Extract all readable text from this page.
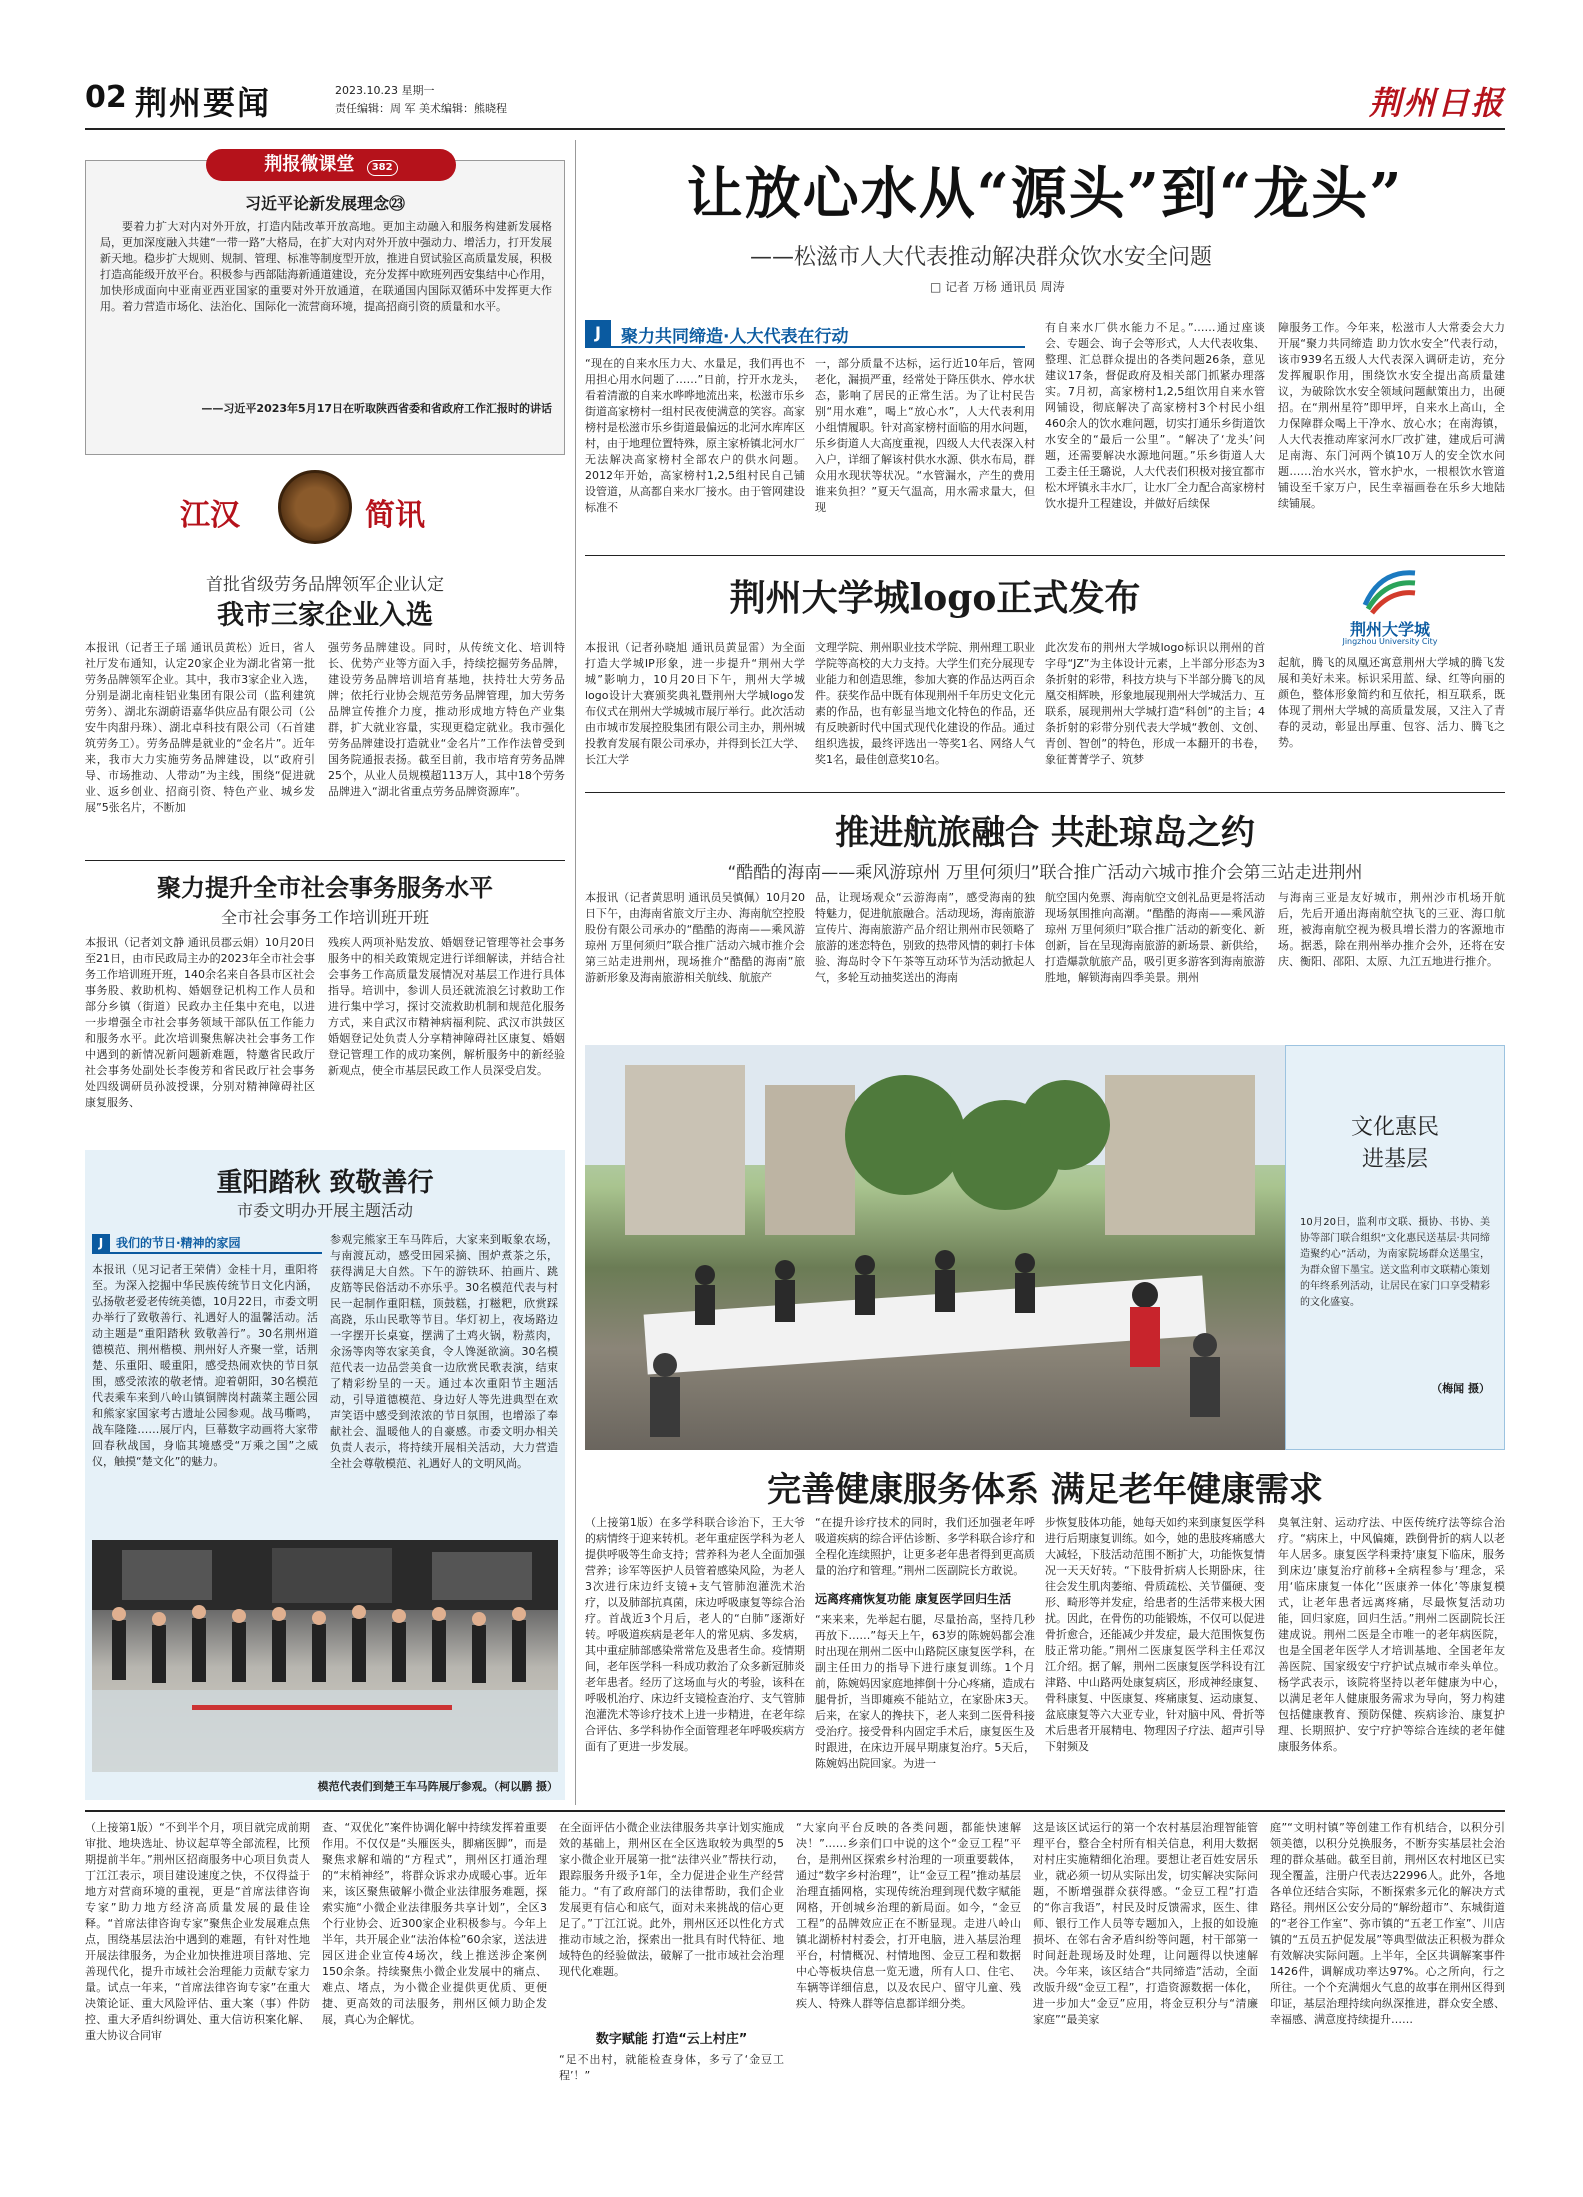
02 荆州要闻	2023.10.23 星期一
责任编辑：周 军 美术编辑：熊晓程	荆州日报
荆报微课堂 382
习近平论新发展理念㉓
要着力扩大对内对外开放，打造内陆改革开放高地。更加主动融入和服务构建新发展格局，更加深度融入共建“一带一路”大格局，在扩大对内对外开放中强动力、增活力，打开发展新天地。稳步扩大规则、规制、管理、标准等制度型开放，推进自贸试验区高质量发展，积极打造高能级开放平台。积极参与西部陆海新通道建设，充分发挥中欧班列西安集结中心作用，加快形成面向中亚南亚西亚国家的重要对外开放通道，在联通国内国际双循环中发挥更大作用。着力营造市场化、法治化、国际化一流营商环境，提高招商引资的质量和水平。
——习近平2023年5月17日在听取陕西省委和省政府工作汇报时的讲话
江汉	简讯
首批省级劳务品牌领军企业认定
我市三家企业入选
本报讯（记者王子瑶 通讯员黄松）近日，省人社厅发布通知，认定20家企业为湖北省第一批劳务品牌领军企业。其中，我市3家企业入选，分别是湖北南桂铝业集团有限公司（监利建筑劳务）、湖北东湖蔚语嘉华供应品有限公司（公安牛肉甜丹珠）、湖北卓科技有限公司（石首建筑劳务工）。劳务品牌是就业的“金名片”。近年来，我市大力实施劳务品牌建设，以“政府引导、市场推动、人带动”为主线，围绕“促进就业、返乡创业、招商引资、特色产业、城乡发展”5张名片，不断加
强劳务品牌建设。同时，从传统文化、培训特长、优势产业等方面入手，持续挖掘劳务品牌，建设劳务品牌培训培育基地，扶持壮大劳务品牌；依托行业协会规范劳务品牌管理，加大劳务品牌宣传推介力度，推动形成地方特色产业集群，扩大就业容量，实现更稳定就业。我市强化劳务品牌建设打造就业“金名片”工作作法曾受到国务院通报表扬。截至目前，我市培育劳务品牌25个，从业人员规模超113万人，其中18个劳务品牌进入“湖北省重点劳务品牌资源库”。
聚力提升全市社会事务服务水平
全市社会事务工作培训班开班
本报讯（记者刘文静 通讯员郡云娟）10月20日至21日，由市民政局主办的2023年全市社会事务工作培训班开班，140余名来自各县市区社会事务股、救助机构、婚姻登记机构工作人员和部分乡镇（街道）民政办主任集中充电，以进一步增强全市社会事务领域干部队伍工作能力和服务水平。此次培训聚焦解决社会事务工作中遇到的新情况新问题新难题，特邀省民政厅社会事务处副处长李俊芳和省民政厅社会事务处四级调研员孙波授课，分别对精神障碍社区康复服务、
残疾人两项补贴发放、婚姻登记管理等社会事务服务中的相关政策规定进行详细解读，并结合社会事务工作高质量发展情况对基层工作进行具体指导。培训中，参训人员还就流浪乞讨救助工作进行集中学习，探讨交流救助机制和规范化服务方式，来自武汉市精神病福利院、武汉市洪鼓区婚姻登记处负责人分享精神障碍社区康复、婚姻登记管理工作的成功案例，解析服务中的新经验新观点，使全市基层民政工作人员深受启发。
重阳踏秋 致敬善行
市委文明办开展主题活动
J	我们的节日·精神的家园
本报讯（见习记者王荣倩）金桂十月，重阳将至。为深入挖掘中华民族传统节日文化内涵，弘扬敬老爱老传统美德，10月22日，市委文明办举行了致敬善行、礼遇好人的温馨活动。活动主题是“重阳踏秋 致敬善行”。30名荆州道德模范、荆州楷模、荆州好人齐聚一堂，话荆楚、乐重阳、暖重阳，感受热闹欢快的节日氛围，感受浓浓的敬老情。迎着朝阳，30名模范代表乘车来到八岭山镇铜牌岗村蔬菜主题公园和熊家家国家考古遗址公园参观。战马嘶鸣，战车隆隆……展厅内，巨幕数字动画将大家带回春秋战国，身临其境感受“万乘之国”之威仪，触摸“楚文化”的魅力。
参观完熊家王车马阵后，大家来到畈象农场，与南渡瓦动，感受田园采摘、围炉煮茶之乐，获得满足大自然。下午的游铁环、拍画片、跳皮筋等民俗活动不亦乐乎。30名模范代表与村民一起制作重阳糕，顶鼓糕，打糍粑，欣赏踩高跷，乐山民歌等节目。华灯初上，夜场路边一字摆开长桌宴，摆满了土鸡火锅，粉蒸肉，氽汤等肉等农家美食，令人馋涎欲滴。30名模范代表一边品尝美食一边欣赏民歌表演，结束了精彩纷呈的一天。通过本次重阳节主题活动，引导道德模范、身边好人等先进典型在欢声笑语中感受到浓浓的节日氛围，也增添了奉献社会、温暖他人的自豪感。市委文明办相关负责人表示，将持续开展相关活动，大力营造全社会尊敬模范、礼遇好人的文明风尚。
模范代表们到楚王车马阵展厅参观。（柯以鹏 摄）
让放心水从“源头”到“龙头”
——松滋市人大代表推动解决群众饮水安全问题
□ 记者 万杨 通讯员 周涛
J	聚力共同缔造·人大代表在行动
“现在的自来水压力大、水量足，我们再也不用担心用水问题了……”日前，拧开水龙头，看着清澈的自来水哗哗地流出来，松滋市乐乡街道高家榜村一组村民夜使满意的笑容。高家榜村是松滋市乐乡街道最偏远的北河水库库区村，由于地理位置特殊，原主家桥镇北河水厂无法解决高家榜村全部农户的供水问题。2012年开始，高家榜村1,2,5组村民自己铺设管道，从高都自来水厂接水。由于管网建设标准不
一，部分质量不达标，运行近10年后，管网老化，漏损严重，经常处于降压供水、停水状态，影响了居民的正常生活。为了让村民告别“用水难”，喝上“放心水”，人大代表利用小组情履职。针对高家榜村面临的用水问题，乐乡街道人大高度重视，四级人大代表深入村入户，详细了解该村供水水源、供水布局，群众用水现状等状况。“水管漏水，产生的费用谁来负担？”夏天气温高，用水需求量大，但现
有自来水厂供水能力不足。”……通过座谈会、专题会、询子会等形式，人大代表收集、整理、汇总群众提出的各类问题26条，意见建议17条，督促政府及相关部门抓紧办理落实。7月初，高家榜村1,2,5组饮用自来水管网铺设，彻底解决了高家榜村3个村民小组460余人的饮水难问题，切实打通乐乡街道饮水安全的“最后一公里”。“解决了‘龙头’问题，还需要解决水源地问题。”乐乡街道人大工委主任王璐说，人大代表们积极对接宜都市松木坪镇永丰水厂，让水厂全力配合高家榜村饮水提升工程建设，并做好后续保
障服务工作。今年来，松滋市人大常委会大力开展“聚力共同缔造 助力饮水安全”代表行动，该市939名五级人大代表深入调研走访，充分发挥履职作用，围绕饮水安全提出高质量建议，为破除饮水安全领域问题献策出力，出硬招。在“荆州星符”即甲坪，自来水上高山，全力保障群众喝上干净水、放心水；在南海镇，人大代表推动库家河水厂改扩建，建成后可满足南海、东门河两个镇10万人的安全饮水问题……治水兴水，管水护水，一根根饮水管道铺设至千家万户，民生幸福画卷在乐乡大地陆续铺展。
荆州大学城logo正式发布
荆州大学城
Jingzhou University City
本报讯（记者孙晓旭 通讯员黄显雷）为全面打造大学城IP形象，进一步提升“荆州大学城”影响力，10月20日下午，荆州大学城logo设计大赛颁奖典礼暨荆州大学城logo发布仪式在荆州大学城城市展厅举行。此次活动由市城市发展控股集团有限公司主办，荆州城投教育发展有限公司承办，并得到长江大学、长江大学
文理学院、荆州职业技术学院、荆州理工职业学院等高校的大力支持。大学生们充分展现专业能力和创造思维，参加大赛的作品达两百余件。获奖作品中既有体现荆州千年历史文化元素的作品，也有彰显当地文化特色的作品，还有反映新时代中国式现代化建设的作品。通过组织选拔，最终评选出一等奖1名、网络人气奖1名，最佳创意奖10名。
此次发布的荆州大学城logo标识以荆州的首字母“JZ”为主体设计元素，上半部分形态为3条折射的彩带，科技方块与下半部分腾飞的凤凰交相辉映，形象地展现荆州大学城活力、互联系，展现荆州大学城打造“科创”的主旨；4条折射的彩带分别代表大学城“教创、文创、青创、智创”的特色，形成一本翻开的书卷，象征菁菁学子、筑梦
起航，腾飞的凤凰还寓意荆州大学城的腾飞发展和美好未来。标识采用蓝、绿、红等向丽的颜色，整体形象简约和互依托，相互联系，既体现了荆州大学城的高质量发展，又注入了青春的灵动，彰显出厚重、包容、活力、腾飞之势。
推进航旅融合 共赴琼岛之约
“酷酷的海南——乘风游琼州 万里何须归”联合推广活动六城市推介会第三站走进荆州
本报讯（记者黄思明 通讯员吴慎佩）10月20日下午，由海南省旅文厅主办、海南航空控股股份有限公司承办的“酷酷的海南——乘风游琼州 万里何须归”联合推广活动六城市推介会第三站走进荆州，现场推介“酷酷的海南”旅游新形象及海南旅游相关航线、航旅产
品，让现场观众“云游海南”，感受海南的独特魅力，促进航旅融合。活动现场，海南旅游宣传片、海南旅游产品介绍让荆州市民领略了旅游的迷恋特色，别致的热带风情的刺打卡体验、海岛时令下午茶等互动环节为活动掀起人气，多轮互动抽奖送出的海南
航空国内免票、海南航空文创礼品更是将活动现场氛围推向高潮。“酷酷的海南——乘风游琼州 万里何须归”联合推广活动的新变化、新创新，旨在呈现海南旅游的新场景、新供给，打造爆款航旅产品，吸引更多游客到海南旅游胜地，解锁海南四季美景。荆州
与海南三亚是友好城市，荆州沙市机场开航后，先后开通出海南航空执飞的三亚、海口航班，被海南航空视为极具增长潜力的客源地市场。据悉，除在荆州举办推介会外，还将在安庆、衡阳、邵阳、太原、九江五地进行推介。
文化惠民
进基层
10月20日，监利市文联、摄协、书协、美协等部门联合组织“文化惠民送基层·共同缔造聚约心”活动，为南家院场群众送墨宝，为群众留下墨宝。送文监利市文联精心策划的年终系列活动，让居民在家门口享受精彩的文化盛宴。
（梅闻 摄）
完善健康服务体系 满足老年健康需求
（上接第1版）在多学科联合诊治下，王大爷的病情终于迎来转机。老年重症医学科为老人提供呼吸等生命支持；营养科为老人全面加强营养；诊军等医护人员管着感染风险，为老人3次进行床边纤支镜+支气管肺泡灌洗术治疗，以及肺部抗真菌，床边呼吸康复等综合治疗。首战近3个月后，老人的“白肺”逐渐好转。呼吸道疾病是老年人的常见病、多发病，其中重症肺部感染常常危及患者生命。疫情期间，老年医学科一科成功救治了众多新冠肺炎老年患者。经历了这场血与火的考验，该科在呼吸机治疗、床边纤支镜检查治疗、支气管肺泡灌洗术等诊疗技术上进一步精进，在老年综合评估、多学科协作全面管理老年呼吸疾病方面有了更进一步发展。
“在提升诊疗技术的同时，我们还加强老年呼吸道疾病的综合评估诊断、多学科联合诊疗和全程化连续照护，让更多老年患者得到更高质量的治疗和管理。”荆州二医副院长方敢说。
远离疼痛恢复功能 康复医学回归生活
“来来来，先举起右腿，尽量抬高，坚持几秒再放下……”每天上午，63岁的陈婉妈都会准时出现在荆州二医中山路院区康复医学科，在副主任田力的指导下进行康复训练。1个月前，陈婉妈因家庭地摔倒十分心疼痛，造成右腿骨折，当即瘫痪不能站立，在家卧床3天。后来，在家人的搀扶下，老人来到二医骨科接受治疗。接受骨科内固定手术后，康复医生及时跟进，在床边开展早期康复治疗。5天后，陈婉妈出院回家。为进一
步恢复肢体功能，她每天如约来到康复医学科进行后期康复训练。如今，她的患肢疼痛感大大减轻，下肢活动范围不断扩大，功能恢复情况一天天好转。“下肢骨折病人长期卧床，往往会发生肌肉萎缩、骨质疏松、关节僵硬、变形、畸形等并发症，给患者的生活带来极大困扰。因此，在骨伤的功能锻炼，不仅可以促进骨折愈合，还能减少并发症，最大范围恢复伤肢正常功能。”荆州二医康复医学科主任邓汉江介绍。据了解，荆州二医康复医学科设有江津路、中山路两处康复病区，形成神经康复、骨科康复、中医康复、疼痛康复、运动康复、盆底康复等六大亚专业，针对脑中风、骨折等术后患者开展精电、物理因子疗法、超声引导下射频及
臭氧注射、运动疗法、中医传统疗法等综合治疗。“病床上，中风偏瘫，跌倒骨折的病人以老年人居多。康复医学科秉持‘康复下临床，服务到床边’康复治疗前移+全病程参与’理念，采用‘临床康复一体化’‘医康养一体化’等康复模式，让老年患者远离疼痛，尽最恢复活动功能，回归家庭，回归生活。”荆州二医副院长汪建成说。荆州二医是全市唯一的老年病医院，也是全国老年医学人才培训基地、全国老年友善医院、国家级安宁疗护试点城市牵头单位。杨学武表示，该院将坚持以老年健康为中心，以满足老年人健康服务需求为导向，努力构建包括健康教育、预防保健、疾病诊治、康复护理、长期照护、安宁疗护等综合连续的老年健康服务体系。
（上接第1版）“不到半个月，项目就完成前期审批、地块选址、协议起草等全部流程，比预期提前半年。”荆州区招商服务中心项目负责人丁江江表示，项目建设速度之快，不仅得益于地方对营商环境的重视，更是“首席法律咨询专家”助力地方经济高质量发展的最佳诠释。“首席法律咨询专家”聚焦企业发展难点焦点，围绕基层法治中遇到的难题，有针对性地开展法律服务，为企业加快推进项目落地、完善现代化，提升市域社会治理能力贡献专家力量。试点一年来，“首席法律咨询专家”在重大决策论证、重大风险评估、重大案（事）件防控、重大矛盾纠纷调处、重大信访积案化解、重大协议合同审
查、“双优化”案件协调化解中持续发挥着重要作用。不仅仅是“头雁医头，脚痛医脚”，而是聚焦求解和端的“方程式”，荆州区打通治理的“末梢神经”，将群众诉求办成暖心事。近年来，该区聚焦破解小微企业法律服务难题，探索实施“小微企业法律服务共享计划”，全区3个行业协会、近300家企业积极参与。今年上半年，共开展企业“法治体检”60余家，送法进园区进企业宣传4场次，线上推送涉企案例150余条。持续聚焦小微企业发展中的痛点、难点、堵点，为小微企业提供更优质、更便捷、更高效的司法服务，荆州区倾力助企发展，真心为企解忧。
在全面评估小微企业法律服务共享计划实施成效的基础上，荆州区在全区选取较为典型的5家小微企业开展第一批“法律兴业”帮扶行动，跟踪服务升级予1年，全力促进企业生产经营能力。“有了政府部门的法律帮助，我们企业发展更有信心和底气，面对未来挑战的信心更足了。”丁江江说。此外，荆州区还以性化方式推动市域之治，探索出一批具有时代特征、地域特色的经验做法，破解了一批市域社会治理现代化难题。
数字赋能 打造“云上村庄”
“足不出村，就能检查身体，多亏了‘金豆工程’！”
“大家向平台反映的各类问题，都能快速解决！”……乡亲们口中说的这个“金豆工程”平台，是荆州区探索乡村治理的一项重要载体，通过“数字乡村治理”，让“金豆工程”推动基层治理直插网格，实现传统治理到现代数字赋能网格，开创城乡治理的新局面。如今，“金豆工程”的品牌效应正在不断显现。走进八岭山镇北湖桥村村委会，打开电脑，进入基层治理平台，村情概况、村情地图、金豆工程和数据中心等板块信息一览无遗，所有人口、住宅、车辆等详细信息，以及农民户、留守儿童、残疾人、特殊人群等信息都详细分类。
这是该区试运行的第一个农村基层治理智能管理平台，整合全村所有相关信息，利用大数据对村庄实施精细化治理。要想让老百姓安居乐业，就必须一切从实际出发，切实解决实际问题，不断增强群众获得感。“金豆工程”打造的“你言我语”，村民及时反馈需求，医生、律师、银行工作人员等专题加入，上报的如设施损坏、在邻右舍矛盾纠纷等问题，村干部第一时间赶赴现场及时处理，让问题得以快速解决。今年来，该区结合“共同缔造”活动，全面改版升级“金豆工程”，打造资源数据一体化，进一步加大“金豆”应用，将金豆积分与“清廉家庭”“最美家
庭”“文明村镇”等创建工作有机结合，以积分引领美德，以积分兑换服务，不断夯实基层社会治理的群众基础。截至目前，荆州区农村地区已实现全覆盖，注册户代表达22996人。此外，各地各单位还结合实际，不断探索多元化的解决方式路径。荆州区公安分局的“解纷超市”、东城街道的“老谷工作室”、弥市镇的“五老工作室”、川店镇的“五员五护促发展”等典型做法正积极为群众有效解决实际问题。上半年，全区共调解案事件1426件，调解成功率达97%。心之所向，行之所往。一个个充满烟火气息的故事在荆州区得到印证，基层治理持续向纵深推进，群众安全感、幸福感、满意度持续提升……
